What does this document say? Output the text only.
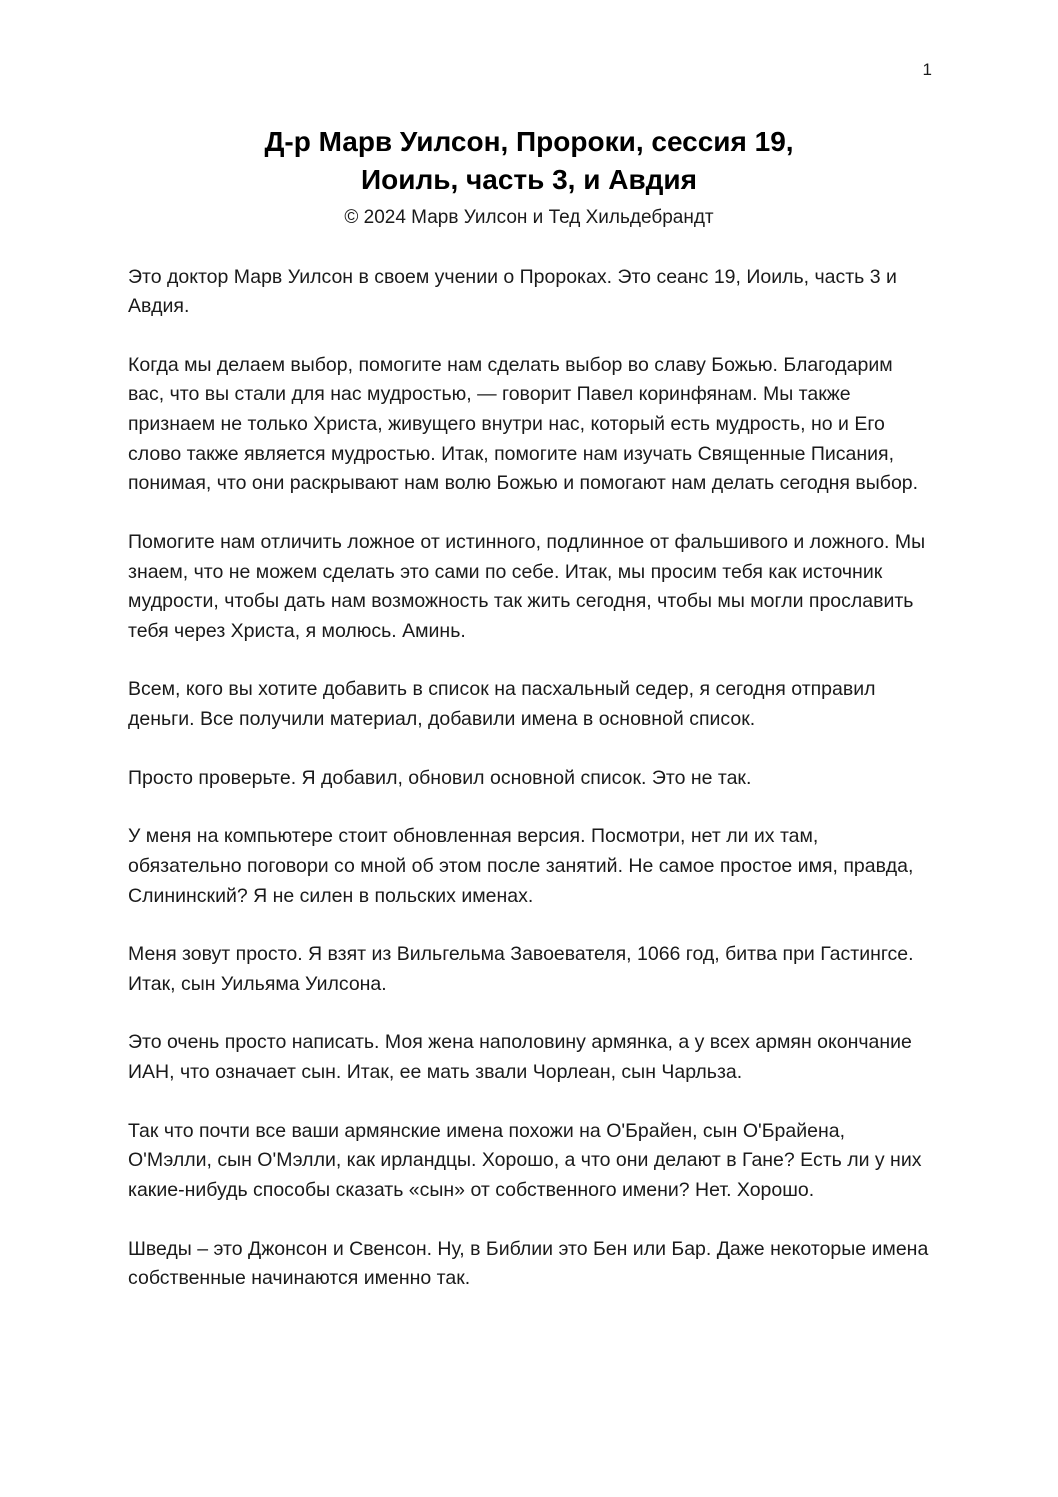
1
Д-р Марв Уилсон, Пророки, сессия 19,
Иоиль, часть 3, и Авдия
© 2024 Марв Уилсон и Тед Хильдебрандт

Это доктор Марв Уилсон в своем учении о Пророках. Это сеанс 19, Иоиль, часть 3 и Авдия.

Когда мы делаем выбор, помогите нам сделать выбор во славу Божью. Благодарим вас, что вы стали для нас мудростью, — говорит Павел коринфянам. Мы также признаем не только Христа, живущего внутри нас, который есть мудрость, но и Его слово также является мудростью. Итак, помогите нам изучать Священные Писания, понимая, что они раскрывают нам волю Божью и помогают нам делать сегодня выбор.

Помогите нам отличить ложное от истинного, подлинное от фальшивого и ложного. Мы знаем, что не можем сделать это сами по себе. Итак, мы просим тебя как источник мудрости, чтобы дать нам возможность так жить сегодня, чтобы мы могли прославить тебя через Христа, я молюсь. Аминь.

Всем, кого вы хотите добавить в список на пасхальный седер, я сегодня отправил деньги. Все получили материал, добавили имена в основной список.

Просто проверьте. Я добавил, обновил основной список. Это не так.

У меня на компьютере стоит обновленная версия. Посмотри, нет ли их там, обязательно поговори со мной об этом после занятий. Не самое простое имя, правда, Слининский? Я не силен в польских именах.

Меня зовут просто. Я взят из Вильгельма Завоевателя, 1066 год, битва при Гастингсе. Итак, сын Уильяма Уилсона.

Это очень просто написать. Моя жена наполовину армянка, а у всех армян окончание ИАН, что означает сын. Итак, ее мать звали Чорлеан, сын Чарльза.

Так что почти все ваши армянские имена похожи на О'Брайен, сын О'Брайена, О'Мэлли, сын О'Мэлли, как ирландцы. Хорошо, а что они делают в Гане? Есть ли у них какие-нибудь способы сказать «сын» от собственного имени? Нет. Хорошо.

Шведы – это Джонсон и Свенсон. Ну, в Библии это Бен или Бар. Даже некоторые имена собственные начинаются именно так.
